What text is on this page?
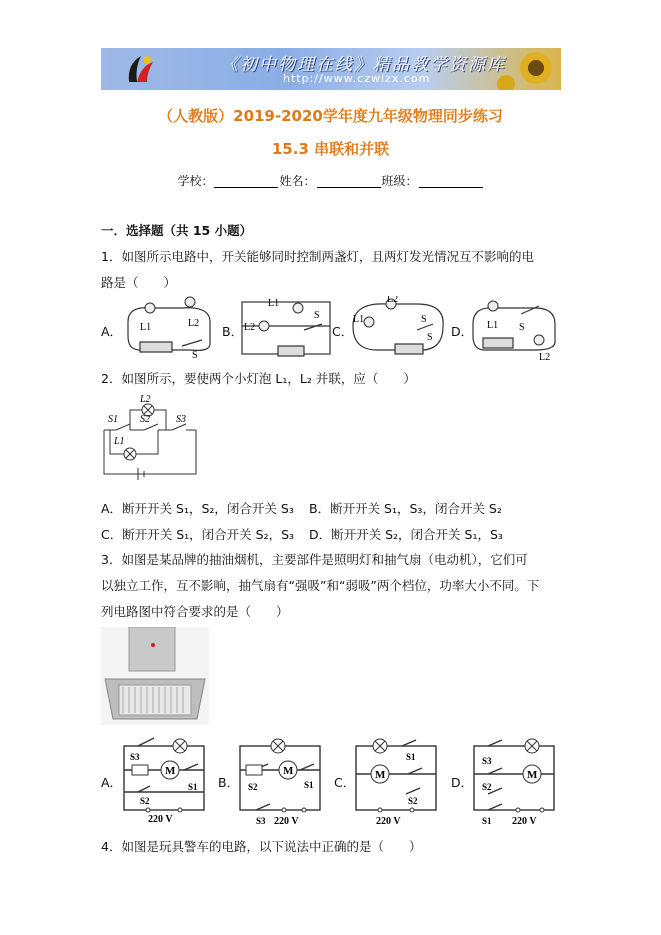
《初中物理在线》精品教学资源库
http://www.czwlzx.com
（人教版）2019-2020学年度九年级物理同步练习
15.3 串联和并联
学校：	姓名：	班级：
一．选择题（共 15 小题）
1．如图所示电路中，开关能够同时控制两盏灯，且两灯发光情况互不影响的电
路是（　　）
A． L1	L2
S
B． L2
L1
S
C．
L1
L2
S
S D． L1 S
L2
2．如图所示，要使两个小灯泡 L₁，L₂ 并联，应（　　）
L2
S1 S2	S3
L1
A．断开开关 S₁，S₂，闭合开关 S₃ B．断开开关 S₁，S₃，闭合开关 S₂
C．断开开关 S₁，闭合开关 S₂，S₃ D．断开开关 S₂，闭合开关 S₁，S₃
3．如图是某品牌的抽油烟机，主要部件是照明灯和抽气扇（电动机），它们可
以独立工作，互不影响，抽气扇有“强吸”和“弱吸”两个档位，功率大小不同。下
列电路图中符合要求的是（　　）
A．
M
S3
S2
S1
220 V
B．
M
S2	S1
S3 220 V
C． M
S1
S2
220 V
D．	M
S3
S2
S1 220 V
4．如图是玩具警车的电路，以下说法中正确的是（　　）
